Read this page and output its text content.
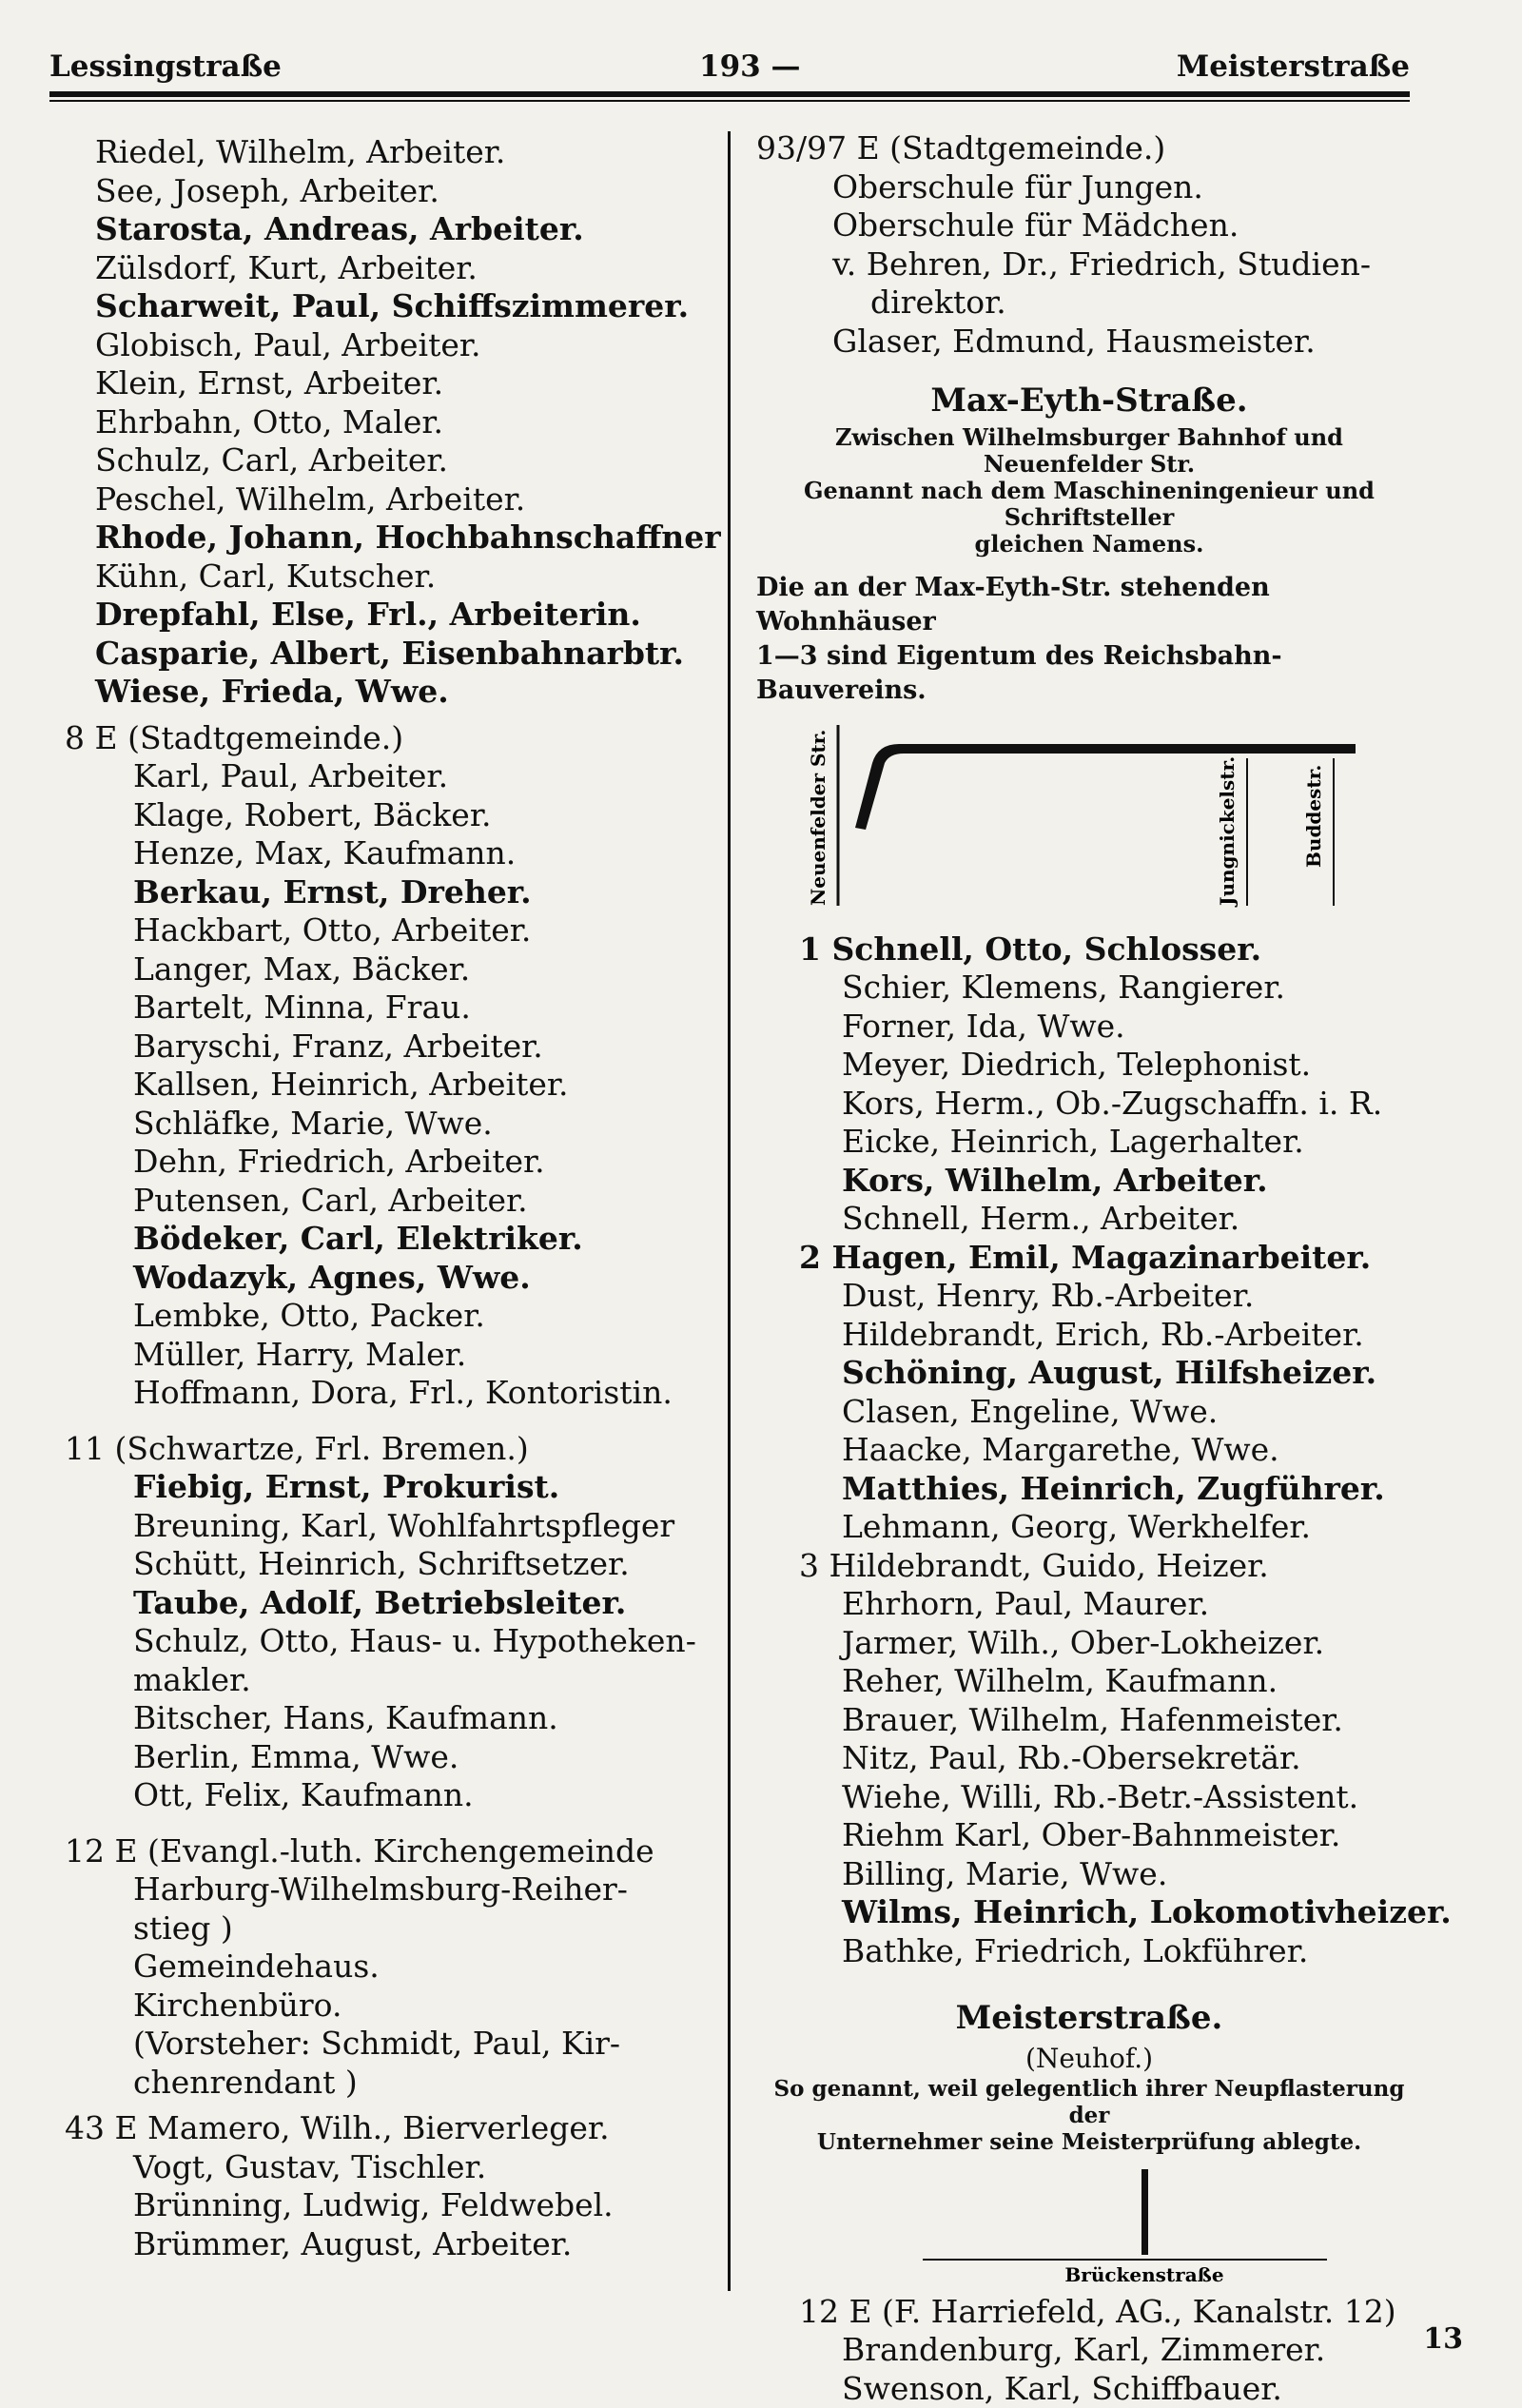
Lessingstraße	193 —	Meisterstraße
Riedel, Wilhelm, Arbeiter.
See, Joseph, Arbeiter.
Starosta, Andreas, Arbeiter.
Zülsdorf, Kurt, Arbeiter.
Scharweit, Paul, Schiffszimmerer.
Globisch, Paul, Arbeiter.
Klein, Ernst, Arbeiter.
Ehrbahn, Otto, Maler.
Schulz, Carl, Arbeiter.
Peschel, Wilhelm, Arbeiter.
Rhode, Johann, Hochbahnschaffner
Kühn, Carl, Kutscher.
Drepfahl, Else, Frl., Arbeiterin.
Casparie, Albert, Eisenbahnarbtr.
Wiese, Frieda, Wwe.
8 E (Stadtgemeinde.)
Karl, Paul, Arbeiter.
Klage, Robert, Bäcker.
Henze, Max, Kaufmann.
Berkau, Ernst, Dreher.
Hackbart, Otto, Arbeiter.
Langer, Max, Bäcker.
Bartelt, Minna, Frau.
Baryschi, Franz, Arbeiter.
Kallsen, Heinrich, Arbeiter.
Schläfke, Marie, Wwe.
Dehn, Friedrich, Arbeiter.
Putensen, Carl, Arbeiter.
Bödeker, Carl, Elektriker.
Wodazyk, Agnes, Wwe.
Lembke, Otto, Packer.
Müller, Harry, Maler.
Hoffmann, Dora, Frl., Kontoristin.
11 (Schwartze, Frl. Bremen.)
Fiebig, Ernst, Prokurist.
Breuning, Karl, Wohlfahrtspfleger
Schütt, Heinrich, Schriftsetzer.
Taube, Adolf, Betriebsleiter.
Schulz, Otto, Haus- u. Hypotheken-
makler.
Bitscher, Hans, Kaufmann.
Berlin, Emma, Wwe.
Ott, Felix, Kaufmann.
12 E (Evangl.-luth. Kirchengemeinde
Harburg-Wilhelmsburg-Reiher-
stieg )
Gemeindehaus.
Kirchenbüro.
(Vorsteher: Schmidt, Paul, Kir-
chenrendant )
43 E Mamero, Wilh., Bierverleger.
Vogt, Gustav, Tischler.
Brünning, Ludwig, Feldwebel.
Brümmer, August, Arbeiter.
93/97 E (Stadtgemeinde.)
Oberschule für Jungen.
Oberschule für Mädchen.
v. Behren, Dr., Friedrich, Studien-
direktor.
Glaser, Edmund, Hausmeister.
Max-Eyth-Straße.
Zwischen Wilhelmsburger Bahnhof und Neuenfelder Str.
Genannt nach dem Maschineningenieur und Schriftsteller
gleichen Namens.
Die an der Max-Eyth-Str. stehenden Wohnhäuser
1—3 sind Eigentum des Reichsbahn-Bauvereins.
Neuenfelder Str.	Jungnickelstr.	Buddestr.
1 Schnell, Otto, Schlosser.
Schier, Klemens, Rangierer.
Forner, Ida, Wwe.
Meyer, Diedrich, Telephonist.
Kors, Herm., Ob.-Zugschaffn. i. R.
Eicke, Heinrich, Lagerhalter.
Kors, Wilhelm, Arbeiter.
Schnell, Herm., Arbeiter.
2 Hagen, Emil, Magazinarbeiter.
Dust, Henry, Rb.-Arbeiter.
Hildebrandt, Erich, Rb.-Arbeiter.
Schöning, August, Hilfsheizer.
Clasen, Engeline, Wwe.
Haacke, Margarethe, Wwe.
Matthies, Heinrich, Zugführer.
Lehmann, Georg, Werkhelfer.
3 Hildebrandt, Guido, Heizer.
Ehrhorn, Paul, Maurer.
Jarmer, Wilh., Ober-Lokheizer.
Reher, Wilhelm, Kaufmann.
Brauer, Wilhelm, Hafenmeister.
Nitz, Paul, Rb.-Obersekretär.
Wiehe, Willi, Rb.-Betr.-Assistent.
Riehm Karl, Ober-Bahnmeister.
Billing, Marie, Wwe.
Wilms, Heinrich, Lokomotivheizer.
Bathke, Friedrich, Lokführer.
Meisterstraße.
(Neuhof.)
So genannt, weil gelegentlich ihrer Neupflasterung der
Unternehmer seine Meisterprüfung ablegte.
Brückenstraße
12 E (F. Harriefeld, AG., Kanalstr. 12)
Brandenburg, Karl, Zimmerer.
Swenson, Karl, Schiffbauer.
13
